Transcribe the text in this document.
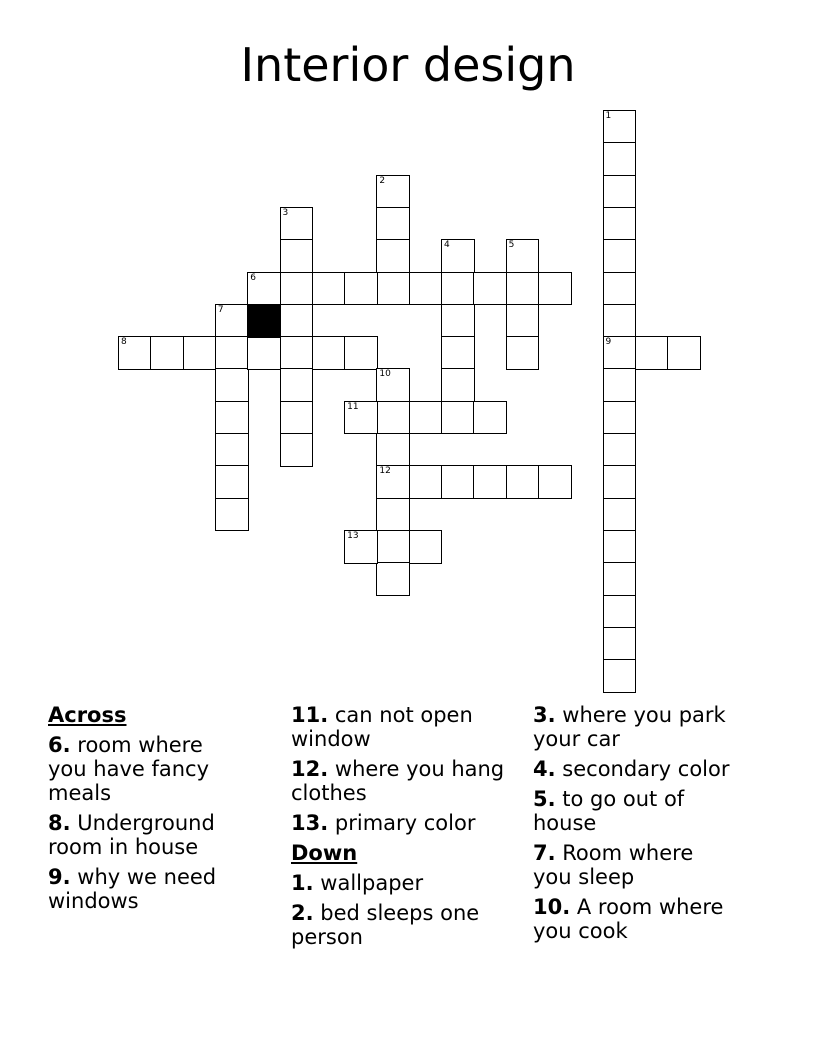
Interior design
1
9
2
3
4	5
6
7
8
10
12
11
13
Across
6. room where you have fancy meals
8. Underground room in house
9. why we need windows
11. can not open window
12. where you hang clothes
13. primary color
Down
1. wallpaper
2. bed sleeps one person
3. where you park your car
4. secondary color
5. to go out of house
7. Room where you sleep
10. A room where you cook
